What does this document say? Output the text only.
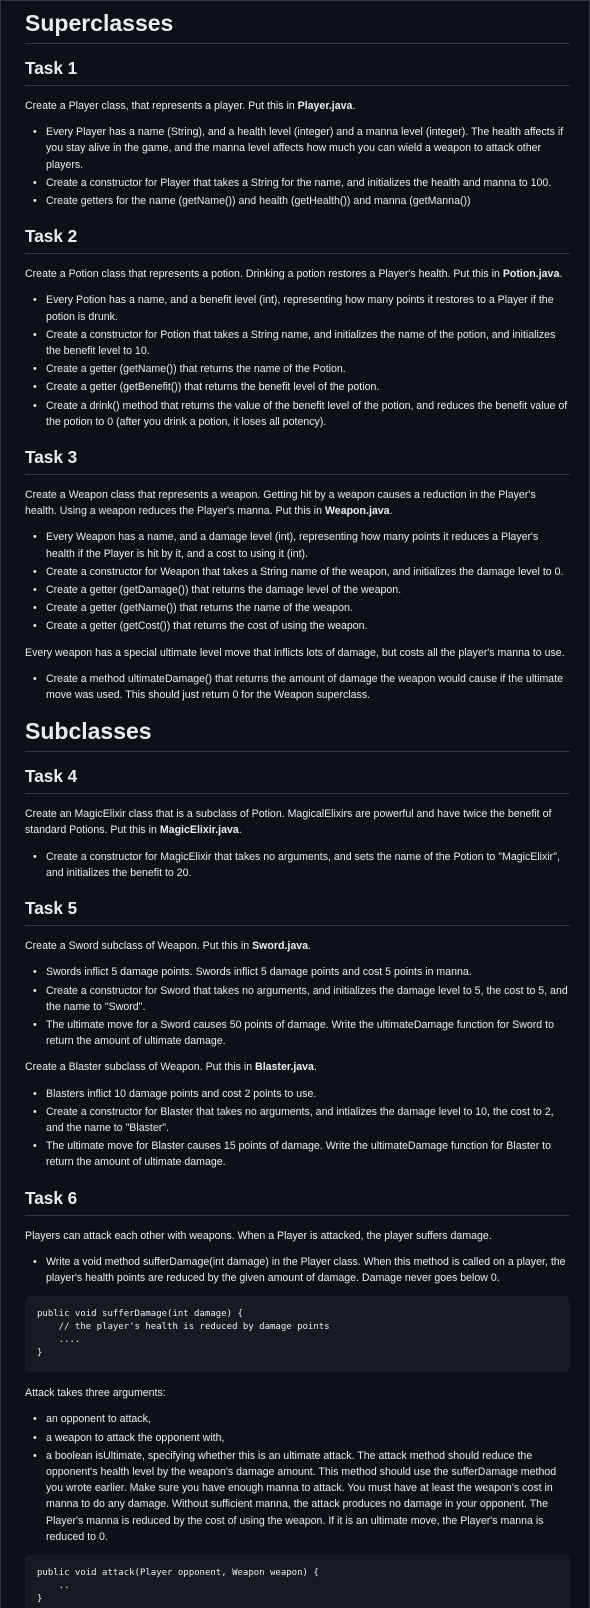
Superclasses
Task 1

Create a Player class, that represents a player. Put this in Player.java.

• Every Player has a name (String), and a health level (integer) and a manna level (integer). The health affects if you stay alive in the game, and the manna level affects how much you can wield a weapon to attack other players.
• Create a constructor for Player that takes a String for the name, and initializes the health and manna to 100.
• Create getters for the name (getName()) and health (getHealth()) and manna (getManna())
Task 2

Create a Potion class that represents a potion. Drinking a potion restores a Player's health. Put this in Potion.java.

• Every Potion has a name, and a benefit level (int), representing how many points it restores to a Player if the potion is drunk.
• Create a constructor for Potion that takes a String name, and initializes the name of the potion, and initializes the benefit level to 10.
• Create a getter (getName()) that returns the name of the Potion.
• Create a getter (getBenefit()) that returns the benefit level of the potion.
• Create a drink() method that returns the value of the benefit level of the potion, and reduces the benefit value of the potion to 0 (after you drink a potion, it loses all potency).
Task 3

Create a Weapon class that represents a weapon. Getting hit by a weapon causes a reduction in the Player's health. Using a weapon reduces the Player's manna. Put this in Weapon.java.

• Every Weapon has a name, and a damage level (int), representing how many points it reduces a Player's health if the Player is hit by it, and a cost to using it (int).
• Create a constructor for Weapon that takes a String name of the weapon, and initializes the damage level to 0.
• Create a getter (getDamage()) that returns the damage level of the weapon.
• Create a getter (getName()) that returns the name of the weapon.
• Create a getter (getCost()) that returns the cost of using the weapon.

Every weapon has a special ultimate level move that inflicts lots of damage, but costs all the player's manna to use.

• Create a method ultimateDamage() that returns the amount of damage the weapon would cause if the ultimate move was used. This should just return 0 for the Weapon superclass.
Subclasses
Task 4

Create an MagicElixir class that is a subclass of Potion. MagicalElixirs are powerful and have twice the benefit of standard Potions. Put this in MagicElixir.java.

• Create a constructor for MagicElixir that takes no arguments, and sets the name of the Potion to "MagicElixir", and initializes the benefit to 20.
Task 5

Create a Sword subclass of Weapon. Put this in Sword.java.

• Swords inflict 5 damage points. Swords inflict 5 damage points and cost 5 points in manna.
• Create a constructor for Sword that takes no arguments, and initializes the damage level to 5, the cost to 5, and the name to "Sword".
• The ultimate move for a Sword causes 50 points of damage. Write the ultimateDamage function for Sword to return the amount of ultimate damage.

Create a Blaster subclass of Weapon. Put this in Blaster.java.

• Blasters inflict 10 damage points and cost 2 points to use.
• Create a constructor for Blaster that takes no arguments, and intializes the damage level to 10, the cost to 2, and the name to "Blaster".
• The ultimate move for Blaster causes 15 points of damage. Write the ultimateDamage function for Blaster to return the amount of ultimate damage.
Task 6

Players can attack each other with weapons. When a Player is attacked, the player suffers damage.

• Write a void method sufferDamage(int damage) in the Player class. When this method is called on a player, the player's health points are reduced by the given amount of damage. Damage never goes below 0.
public void sufferDamage(int damage) {
// the player's health is reduced by damage points
....
}

Attack takes three arguments:

• an opponent to attack,
• a weapon to attack the opponent with,
• a boolean isUltimate, specifying whether this is an ultimate attack. The attack method should reduce the opponent's health level by the weapon's damage amount. This method should use the sufferDamage method you wrote earlier. Make sure you have enough manna to attack. You must have at least the weapon's cost in manna to do any damage. Without sufficient manna, the attack produces no damage in your opponent. The Player's manna is reduced by the cost of using the weapon. If it is an ultimate move, the Player's manna is reduced to 0.
public void attack(Player opponent, Weapon weapon) {
..
}
